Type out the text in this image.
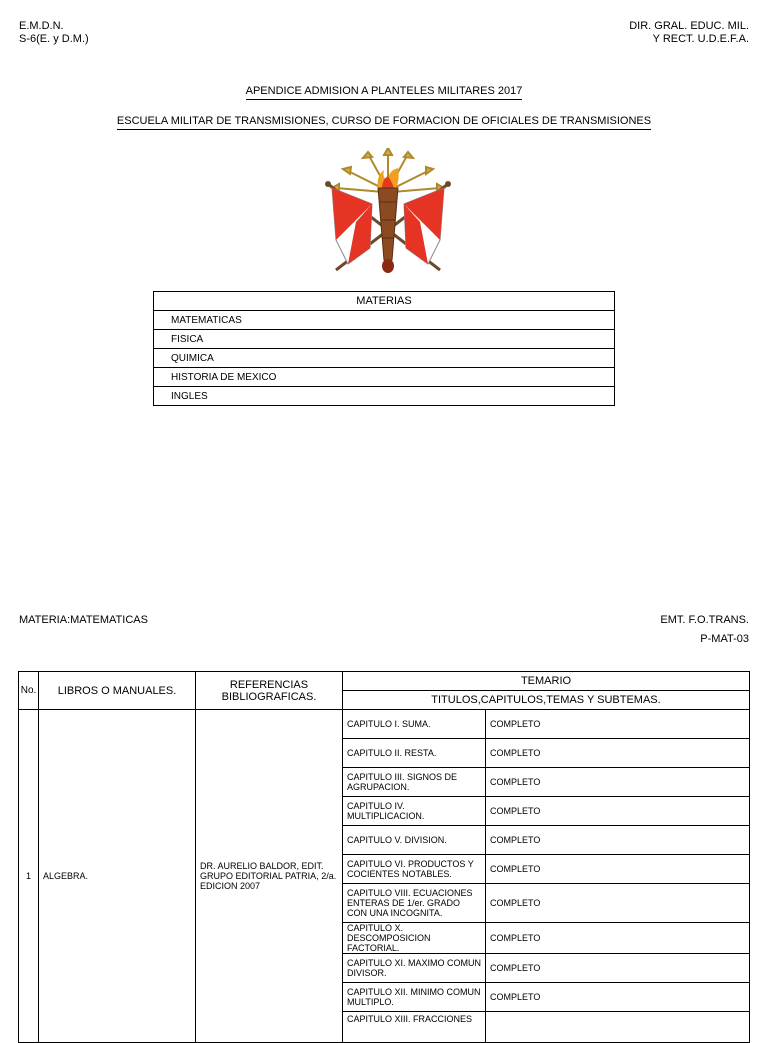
E.M.D.N.
S-6(E. y D.M.)
DIR. GRAL. EDUC. MIL.
Y RECT. U.D.E.F.A.
APENDICE ADMISION A PLANTELES MILITARES 2017
ESCUELA MILITAR DE TRANSMISIONES, CURSO DE FORMACION DE OFICIALES DE TRANSMISIONES
MATERIAS
MATEMATICAS
FISICA
QUIMICA
HISTORIA DE MEXICO
INGLES
MATERIA:MATEMATICAS	EMT. F.O.TRANS.
P-MAT-03
No.	LIBROS O MANUALES.	REFERENCIAS BIBLIOGRAFICAS.	TEMARIO	
			TITULOS,CAPITULOS,TEMAS Y SUBTEMAS.	
1	ALGEBRA.	DR. AURELIO BALDOR, EDIT. GRUPO EDITORIAL PATRIA, 2/a. EDICION 2007	CAPITULO I. SUMA.	COMPLETO
			CAPITULO II. RESTA.	COMPLETO
			CAPITULO III. SIGNOS DE AGRUPACION.	COMPLETO
			CAPITULO IV. MULTIPLICACION.	COMPLETO
			CAPITULO V. DIVISION.	COMPLETO
			CAPITULO VI. PRODUCTOS Y COCIENTES NOTABLES.	COMPLETO
			CAPITULO VIII. ECUACIONES ENTERAS DE 1/er. GRADO CON UNA INCOGNITA.	COMPLETO
			CAPITULO X. DESCOMPOSICION FACTORIAL.	COMPLETO
			CAPITULO XI. MAXIMO COMUN DIVISOR.	COMPLETO
			CAPITULO XII. MINIMO COMUN MULTIPLO.	COMPLETO
			CAPITULO XIII. FRACCIONES	
